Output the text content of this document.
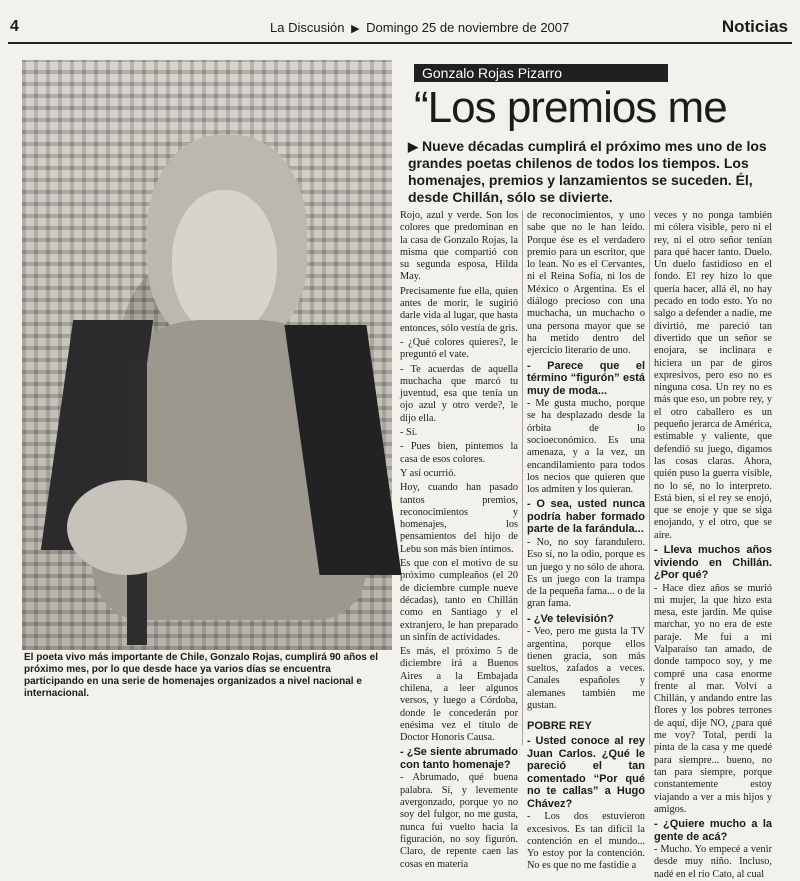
4	La Discusión ▶ Domingo 25 de noviembre de 2007	Noticias
El poeta vivo más importante de Chile, Gonzalo Rojas, cumplirá 90 años el próximo mes, por lo que desde hace ya varios días se encuentra participando en una serie de homenajes organizados a nivel nacional e internacional.
Gonzalo Rojas Pizarro
“Los premios me
▶ Nueve décadas cumplirá el próximo mes uno de los grandes poetas chilenos de todos los tiempos. Los homenajes, premios y lanzamientos se suceden. Él, desde Chillán, sólo se divierte.

Rojo, azul y verde. Son los colores que predominan en la casa de Gonzalo Rojas, la misma que compartió con su segunda esposa, Hilda May.

Precisamente fue ella, quien antes de morir, le sugirió darle vida al lugar, que hasta entonces, sólo vestía de gris.

- ¿Qué colores quieres?, le preguntó el vate.

- Te acuerdas de aquella muchacha que marcó tu juventud, esa que tenía un ojo azul y otro verde?, le dijo ella.

- Sí.

- Pues bien, pintemos la casa de esos colores.

Y así ocurrió.

Hoy, cuando han pasado tantos premios, reconocimientos y homenajes, los pensamientos del hijo de Lebu son más bien íntimos.

Es que con el motivo de su próximo cumpleaños (el 20 de diciembre cumple nueve décadas), tanto en Chillán como en Santiago y el extranjero, le han preparado un sinfín de actividades.

Es más, el próximo 5 de diciembre irá a Buenos Aires a la Embajada chilena, a leer algunos versos, y luego a Córdoba, donde le concederán por enésima vez el título de Doctor Honoris Causa.

- ¿Se siente abrumado con tanto homenaje?

- Abrumado, qué buena palabra. Sí, y levemente avergonzado, porque yo no soy del fulgor, no me gusta, nunca fui vuelto hacia la figuración, no soy figurón. Claro, de repente caen las cosas en materia

de reconocimientos, y uno sabe que no le han leído. Porque ése es el verdadero premio para un escritor, que lo lean. No es el Cervantes, ni el Reina Sofía, ni los de México o Argentina. Es el diálogo precioso con una muchacha, un muchacho o una persona mayor que se ha metido dentro del ejercicio literario de uno.

- Parece que el término “figurón” está muy de moda...

- Me gusta mucho, porque se ha desplazado desde la órbita de lo socioeconómico. Es una amenaza, y a la vez, un encandilamiento para todos los necios que quieren que los admiten y los quieran.

- O sea, usted nunca podría haber formado parte de la farándula...

- No, no soy farandulero. Eso sí, no la odio, porque es un juego y no sólo de ahora. Es un juego con la trampa de la pequeña fama... o de la gran fama.

- ¿Ve televisión?

- Veo, pero me gusta la TV argentina, porque ellos tienen gracia, son más sueltos, zafados a veces. Canales españoles y alemanes también me gustan.

POBRE REY
- Usted conoce al rey Juan Carlos. ¿Qué le pareció el tan comentado “Por qué no te callas” a Hugo Chávez?

- Los dos estuvieron excesivos. Es tan difícil la contención en el mundo... Yo estoy por la contención. No es que no me fastidie a

veces y no ponga también mi cólera visible, pero ni el rey, ni el otro señor tenían para qué hacer tanto. Duelo. Un duelo fastidioso en el fondo. El rey hizo lo que quería hacer, allá él, no hay pecado en todo esto. Yo no salgo a defender a nadie, me divirtió, me pareció tan divertido que un señor se enojara, se inclinara e hiciera un par de giros expresivos, pero eso no es ninguna cosa. Un rey no es más que eso, un pobre rey, y el otro caballero es un pequeño jerarca de América, estimable y valiente, que defendió su juego, digamos las cosas claras. Ahora, quién puso la guerra visible, no lo sé, no lo interpreto. Está bien, si el rey se enojó, que se enoje y que se siga enojando, y el otro, que se aíre.

- Lleva muchos años viviendo en Chillán. ¿Por qué?

- Hace diez años se murió mi mujer, la que hizo esta mesa, este jardín. Me quise marchar, yo no era de este paraje. Me fui a mi Valparaíso tan amado, de donde tampoco soy, y me compré una casa enorme frente al mar. Volví a Chillán, y andando entre las flores y los pobres terrones de aquí, dije NO, ¿para qué me voy? Total, perdí la pinta de la casa y me quedé para siempre... bueno, no tan para siempre, porque constantemente estoy viajando a ver a mis hijos y amigos.

- ¿Quiere mucho a la gente de acá?

- Mucho. Yo empecé a venir desde muy niño. Incluso, nadé en el río Cato, al cual
